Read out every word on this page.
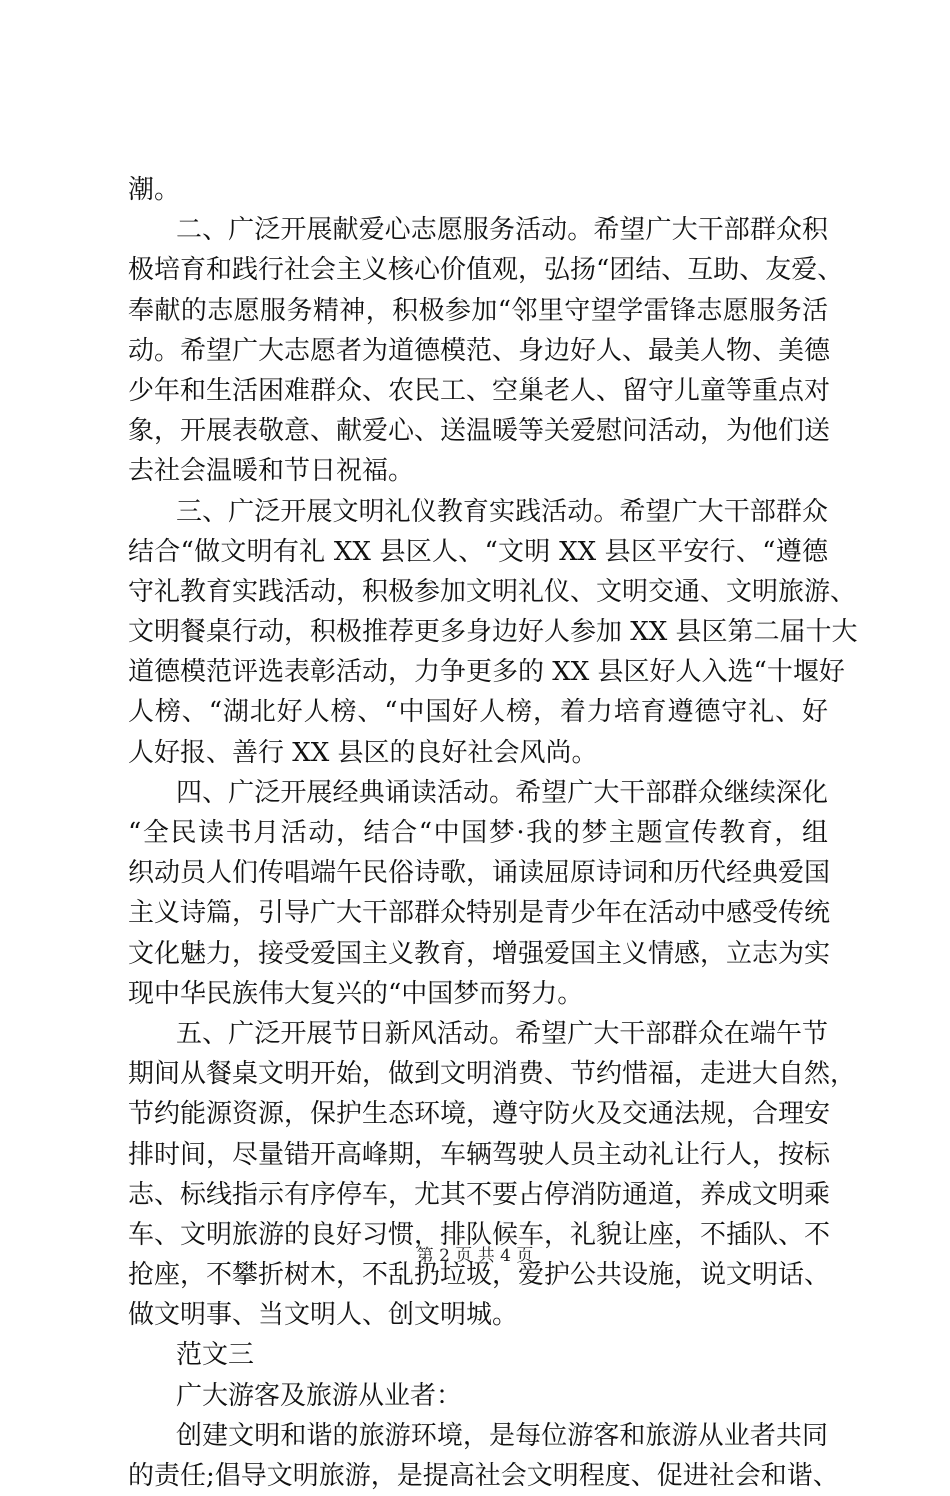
潮。
二、广泛开展献爱心志愿服务活动。希望广大干部群众积
极培育和践行社会主义核心价值观，弘扬“团结、互助、友爱、
奉献的志愿服务精神，积极参加“邻里守望学雷锋志愿服务活
动。希望广大志愿者为道德模范、身边好人、最美人物、美德
少年和生活困难群众、农民工、空巢老人、留守儿童等重点对
象，开展表敬意、献爱心、送温暖等关爱慰问活动，为他们送
去社会温暖和节日祝福。
三、广泛开展文明礼仪教育实践活动。希望广大干部群众
结合“做文明有礼 XX 县区人、“文明 XX 县区平安行、“遵德
守礼教育实践活动，积极参加文明礼仪、文明交通、文明旅游、
文明餐桌行动，积极推荐更多身边好人参加 XX 县区第二届十大
道德模范评选表彰活动，力争更多的 XX 县区好人入选“十堰好
人榜、“湖北好人榜、“中国好人榜，着力培育遵德守礼、好
人好报、善行 XX 县区的良好社会风尚。
四、广泛开展经典诵读活动。希望广大干部群众继续深化
“全民读书月活动，结合“中国梦·我的梦主题宣传教育，组
织动员人们传唱端午民俗诗歌，诵读屈原诗词和历代经典爱国
主义诗篇，引导广大干部群众特别是青少年在活动中感受传统
文化魅力，接受爱国主义教育，增强爱国主义情感，立志为实
现中华民族伟大复兴的“中国梦而努力。
五、广泛开展节日新风活动。希望广大干部群众在端午节
期间从餐桌文明开始，做到文明消费、节约惜福，走进大自然，
节约能源资源，保护生态环境，遵守防火及交通法规，合理安
排时间，尽量错开高峰期，车辆驾驶人员主动礼让行人，按标
志、标线指示有序停车，尤其不要占停消防通道，养成文明乘
车、文明旅游的良好习惯，排队候车，礼貌让座，不插队、不
抢座，不攀折树木，不乱扔垃圾，爱护公共设施，说文明话、
做文明事、当文明人、创文明城。
范文三
广大游客及旅游从业者：
创建文明和谐的旅游环境，是每位游客和旅游从业者共同
的责任;倡导文明旅游，是提高社会文明程度、促进社会和谐、
第 2 页 共 4 页
